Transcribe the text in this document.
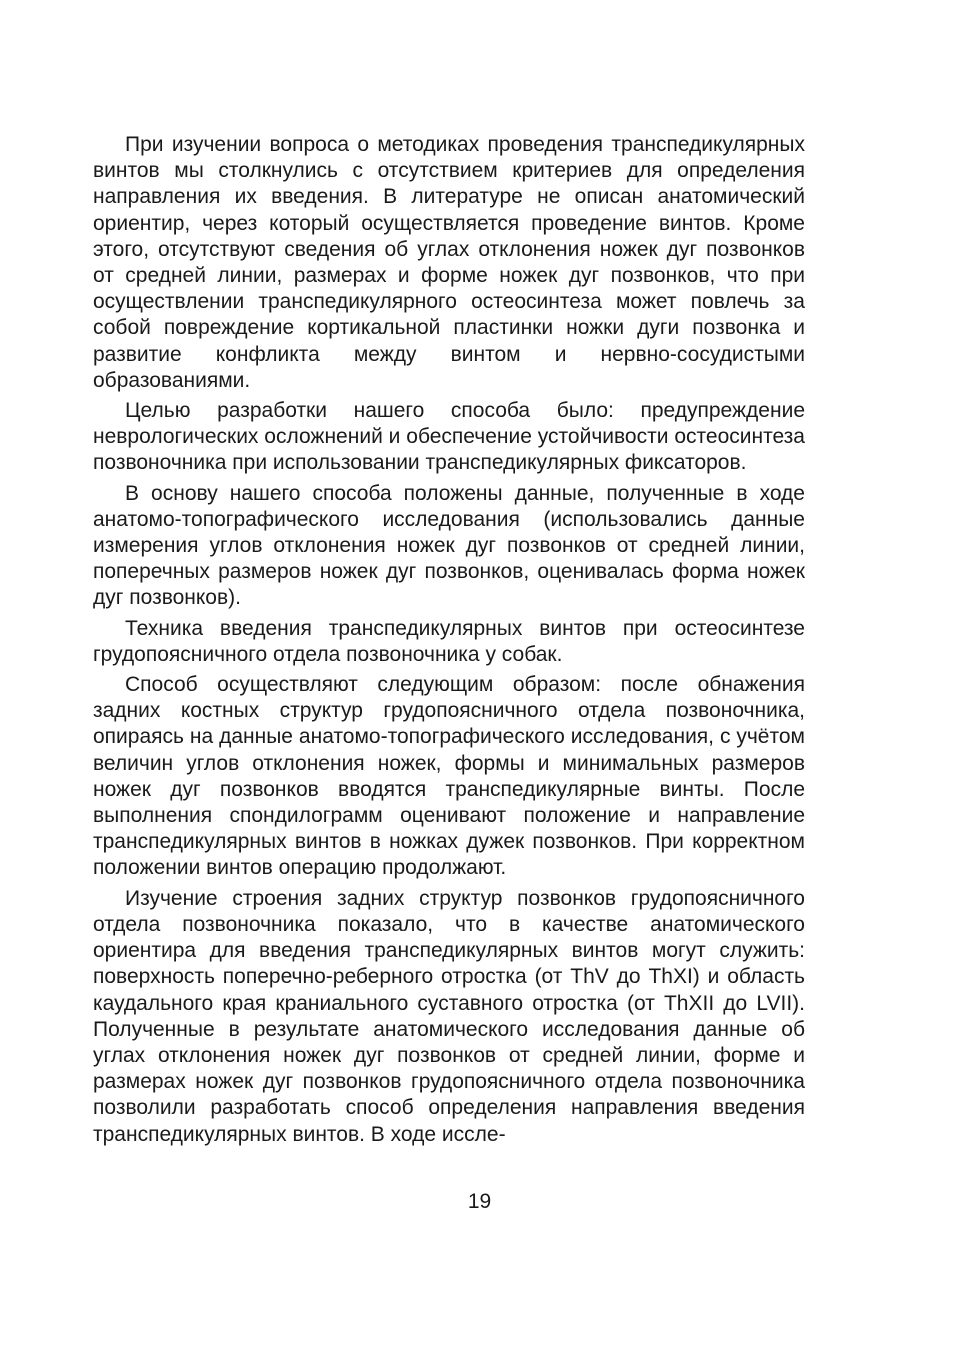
При изучении вопроса о методиках проведения транспедикулярных винтов мы столкнулись с отсутствием критериев для определения направления их введения. В литературе не описан анатомический ориентир, через который осуществляется проведение винтов. Кроме этого, отсутствуют сведения об углах отклонения ножек дуг позвонков от средней линии, размерах и форме ножек дуг позвонков, что при осуществлении транспедикулярного остеосинтеза может повлечь за собой повреждение кортикальной пластинки ножки дуги позвонка и развитие конфликта между винтом и нервно-сосудистыми образованиями.

Целью разработки нашего способа было: предупреждение неврологических осложнений и обеспечение устойчивости остеосинтеза позвоночника при использовании транспедикулярных фиксаторов.

В основу нашего способа положены данные, полученные в ходе анатомо-топографического исследования (использовались данные измерения углов отклонения ножек дуг позвонков от средней линии, поперечных размеров ножек дуг позвонков, оценивалась форма ножек дуг позвонков).

Техника введения транспедикулярных винтов при остеосинтезе грудопоясничного отдела позвоночника у собак.

Способ осуществляют следующим образом: после обнажения задних костных структур грудопоясничного отдела позвоночника, опираясь на данные анатомо-топографического исследования, с учётом величин углов отклонения ножек, формы и минимальных размеров ножек дуг позвонков вводятся транспедикулярные винты. После выполнения спондилограмм оценивают положение и направление транспедикулярных винтов в ножках дужек позвонков. При корректном положении винтов операцию продолжают.

Изучение строения задних структур позвонков грудопоясничного отдела позвоночника показало, что в качестве анатомического ориентира для введения транспедикулярных винтов могут служить: поверхность поперечно-реберного отростка (от ThV до ThXI) и область каудального края краниального суставного отростка (от ThXII до LVII). Полученные в результате анатомического исследования данные об углах отклонения ножек дуг позвонков от средней линии, форме и размерах ножек дуг позвонков грудопоясничного отдела позвоночника позволили разработать способ определения направления введения транспедикулярных винтов. В ходе иссле-

19
